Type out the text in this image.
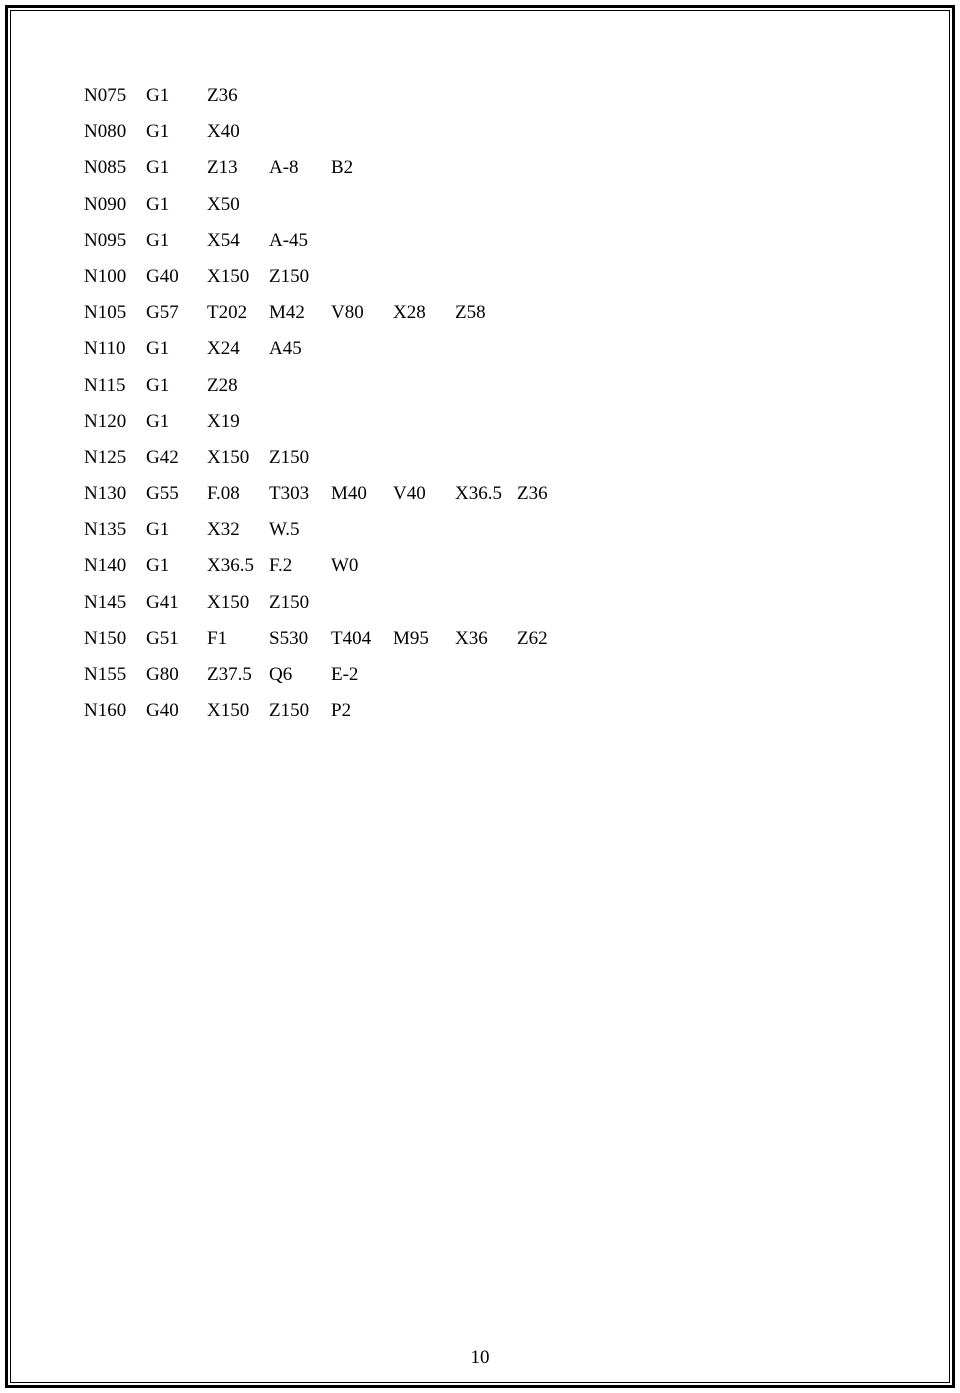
N075 G1 Z36
N080 G1 X40
N085 G1 Z13 A-8 B2
N090 G1 X50
N095 G1 X54 A-45
N100 G40 X150 Z150
N105 G57 T202 M42 V80 X28 Z58
N110 G1 X24 A45
N115 G1 Z28
N120 G1 X19
N125 G42 X150 Z150
N130 G55 F.08 T303 M40 V40 X36.5 Z36
N135 G1 X32 W.5
N140 G1 X36.5 F.2 W0
N145 G41 X150 Z150
N150 G51 F1 S530 T404 M95 X36 Z62
N155 G80 Z37.5 Q6 E-2
N160 G40 X150 Z150 P2
10
